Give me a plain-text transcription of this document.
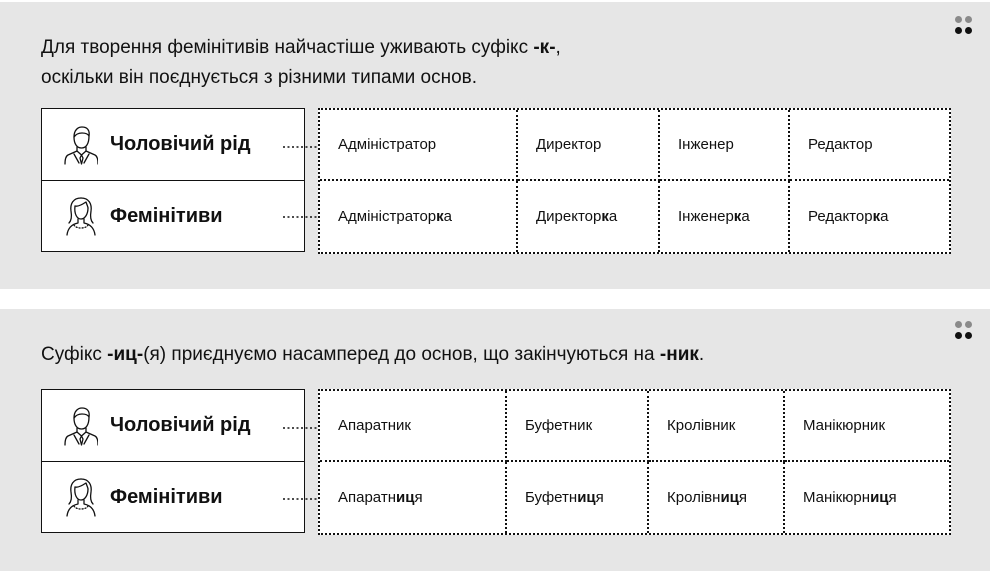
Для творення фемінітивів найчастіше уживають суфікс -к-,
оскільки він поєднується з різними типами основ.
Чоловічий рід
Фемінітиви
Адміністратор	Директор	Інженер	Редактор
Адміністратор к а	Директор к а	Інженер к а	Редактор к а
Суфікс -иц-(я) приєднуємо насамперед до основ, що закінчуються на -ник.
Чоловічий рід
Фемінітиви
Апаратник	Буфетник	Кролівник	Манікюрник
Апаратн иц я	Буфетн иц я	Кролівн иц я	Манікюрн иц я
